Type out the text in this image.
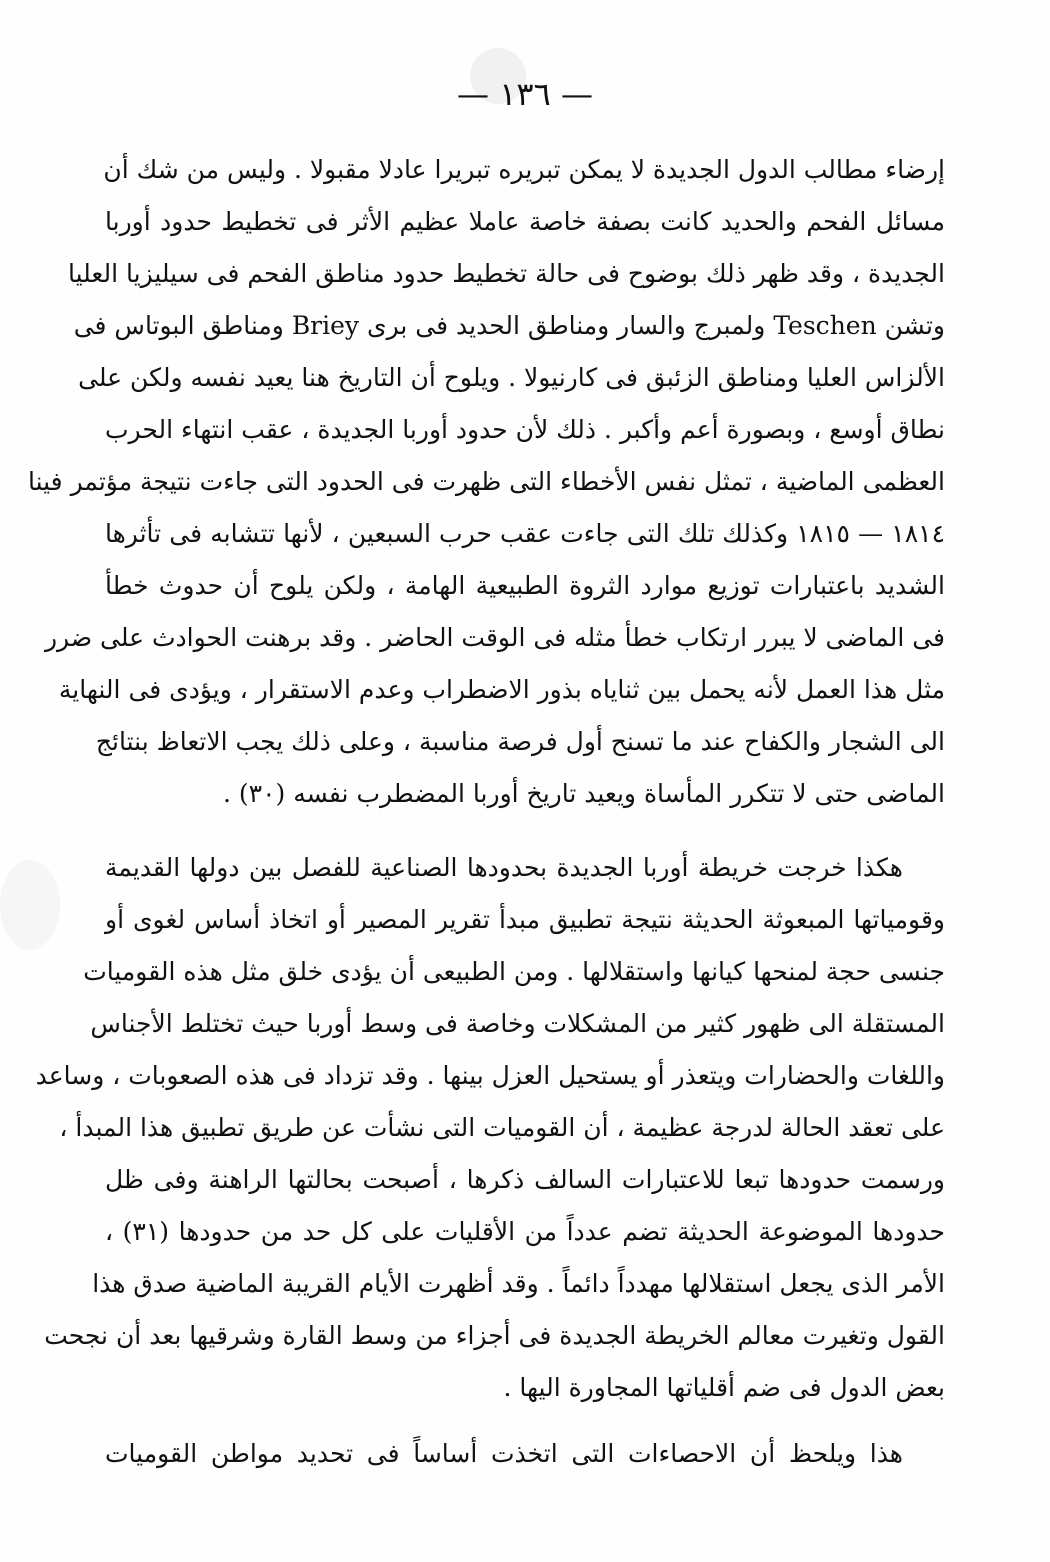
— ١٣٦ —
إرضاء مطالب الدول الجديدة لا يمكن تبريره تبريرا عادلا مقبولا . وليس من شك أن
مسائل الفحم والحديد كانت بصفة خاصة عاملا عظيم الأثر فى تخطيط حدود أوربا
الجديدة ، وقد ظهر ذلك بوضوح فى حالة تخطيط حدود مناطق الفحم فى سيليزيا العليا
وتشن Teschen ولمبرج والسار ومناطق الحديد فى برى Briey ومناطق البوتاس فى
الألزاس العليا ومناطق الزئبق فى كارنيولا . ويلوح أن التاريخ هنا يعيد نفسه ولكن على
نطاق أوسع ، وبصورة أعم وأكبر . ذلك لأن حدود أوربا الجديدة ، عقب انتهاء الحرب
العظمى الماضية ، تمثل نفس الأخطاء التى ظهرت فى الحدود التى جاءت نتيجة مؤتمر فينا
١٨١٤ — ١٨١٥ وكذلك تلك التى جاءت عقب حرب السبعين ، لأنها تتشابه فى تأثرها
الشديد باعتبارات توزيع موارد الثروة الطبيعية الهامة ، ولكن يلوح أن حدوث خطأ
فى الماضى لا يبرر ارتكاب خطأ مثله فى الوقت الحاضر . وقد برهنت الحوادث على ضرر
مثل هذا العمل لأنه يحمل بين ثناياه بذور الاضطراب وعدم الاستقرار ، ويؤدى فى النهاية
الى الشجار والكفاح عند ما تسنح أول فرصة مناسبة ، وعلى ذلك يجب الاتعاظ بنتائج
الماضى حتى لا تتكرر المأساة ويعيد تاريخ أوربا المضطرب نفسه (٣٠) .
هكذا خرجت خريطة أوربا الجديدة بحدودها الصناعية للفصل بين دولها القديمة
وقومياتها المبعوثة الحديثة نتيجة تطبيق مبدأ تقرير المصير أو اتخاذ أساس لغوى أو
جنسى حجة لمنحها كيانها واستقلالها . ومن الطبيعى أن يؤدى خلق مثل هذه القوميات
المستقلة الى ظهور كثير من المشكلات وخاصة فى وسط أوربا حيث تختلط الأجناس
واللغات والحضارات ويتعذر أو يستحيل العزل بينها . وقد تزداد فى هذه الصعوبات ، وساعد
على تعقد الحالة لدرجة عظيمة ، أن القوميات التى نشأت عن طريق تطبيق هذا المبدأ ،
ورسمت حدودها تبعا للاعتبارات السالف ذكرها ، أصبحت بحالتها الراهنة وفى ظل
حدودها الموضوعة الحديثة تضم عدداً من الأقليات على كل حد من حدودها (٣١) ،
الأمر الذى يجعل استقلالها مهدداً دائماً . وقد أظهرت الأيام القريبة الماضية صدق هذا
القول وتغيرت معالم الخريطة الجديدة فى أجزاء من وسط القارة وشرقيها بعد أن نجحت
بعض الدول فى ضم أقلياتها المجاورة اليها .
هذا ويلحظ أن الاحصاءات التى اتخذت أساساً فى تحديد مواطن القوميات
